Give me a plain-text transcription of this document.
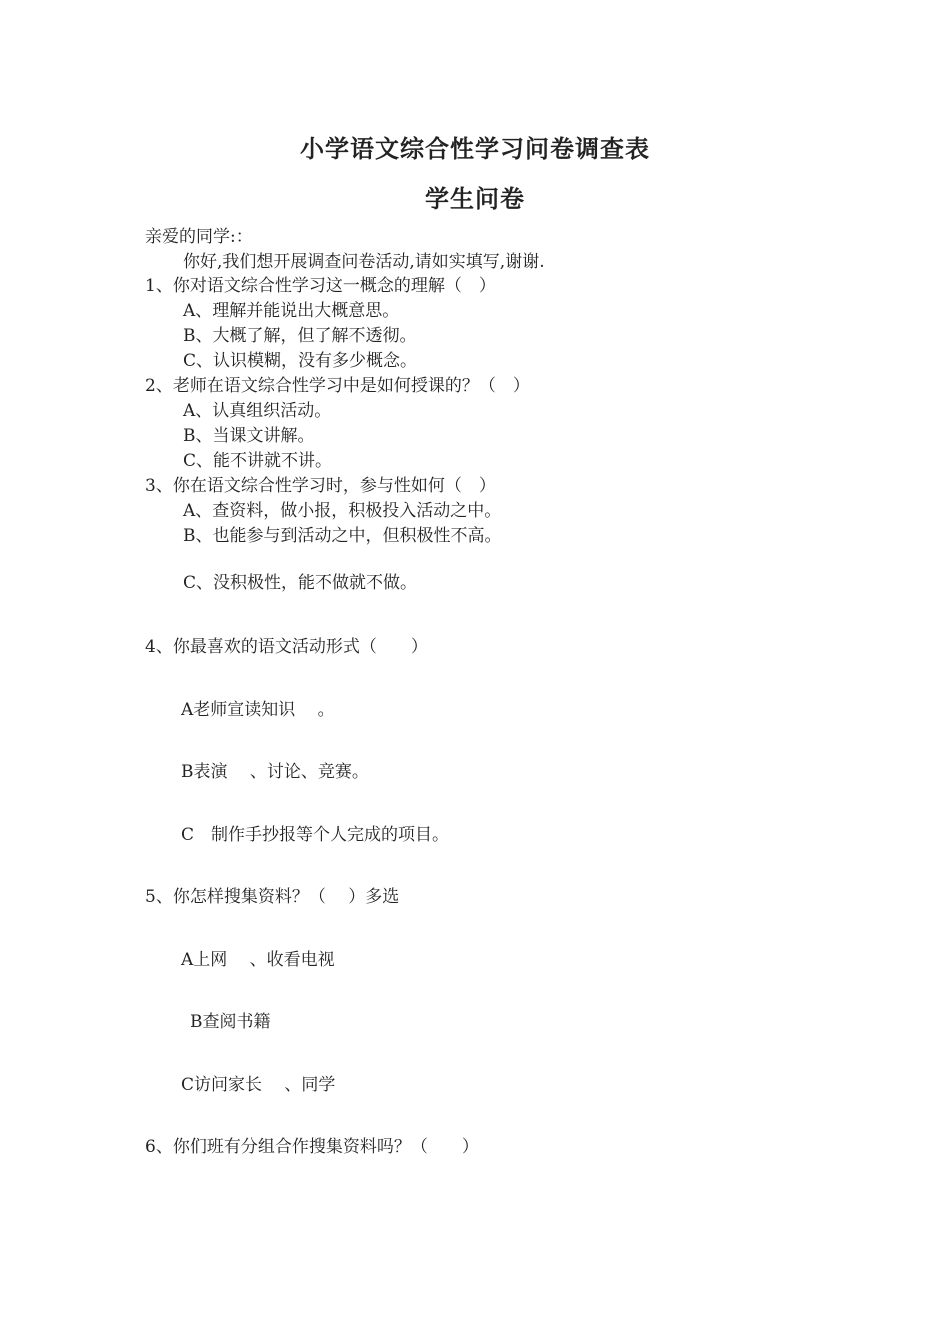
小学语文综合性学习问卷调查表
学生问卷
亲爱的同学:：
你好,我们想开展调查问卷活动,请如实填写,谢谢.
1、你对语文综合性学习这一概念的理解（　）
A、理解并能说出大概意思。
B、大概了解，但了解不透彻。
C、认识模糊，没有多少概念。
2、老师在语文综合性学习中是如何授课的？（　）
A、认真组织活动。
B、当课文讲解。
C、能不讲就不讲。
3、你在语文综合性学习时，参与性如何（　）
A、查资料，做小报，积极投入活动之中。
B、也能参与到活动之中，但积极性不高。
C、没积极性，能不做就不做。
4、你最喜欢的语文活动形式（　　）
A老师宣读知识　 。
B表演　 、讨论、竞赛。
C　制作手抄报等个人完成的项目。
5、你怎样搜集资料？（　 ）多选
A上网　 、收看电视
B查阅书籍
C访问家长　 、同学
6、你们班有分组合作搜集资料吗？（　　）
